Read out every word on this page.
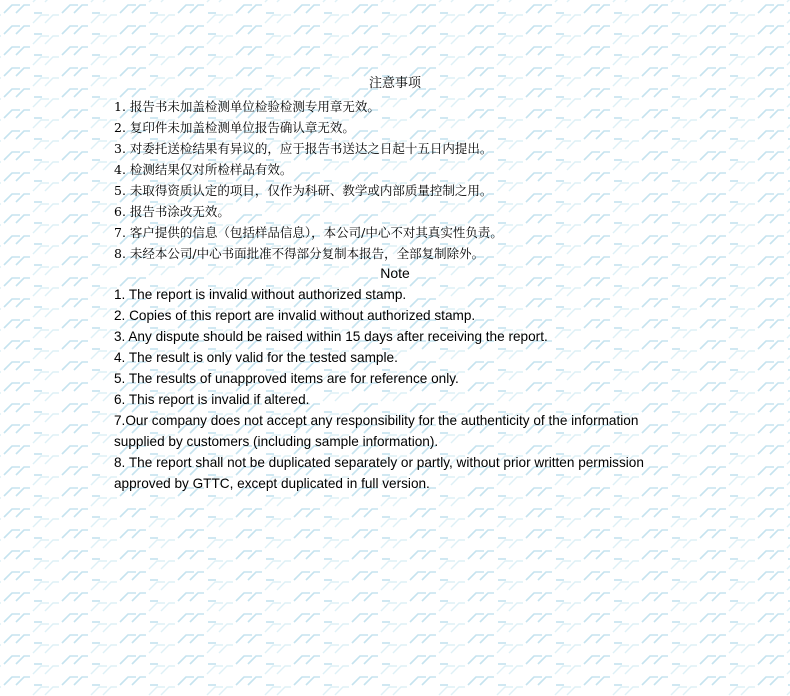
注意事项
1. 报告书未加盖检测单位检验检测专用章无效。
2. 复印件未加盖检测单位报告确认章无效。
3. 对委托送检结果有异议的，应于报告书送达之日起十五日内提出。
4. 检测结果仅对所检样品有效。
5. 未取得资质认定的项目，仅作为科研、教学或内部质量控制之用。
6. 报告书涂改无效。
7. 客户提供的信息（包括样品信息），本公司/中心不对其真实性负责。
8. 未经本公司/中心书面批准不得部分复制本报告，全部复制除外。
Note
1. The report is invalid without authorized stamp.
2. Copies of this report are invalid without authorized stamp.
3. Any dispute should be raised within 15 days after receiving the report.
4. The result is only valid for the tested sample.
5. The results of unapproved items are for reference only.
6. This report is invalid if altered.
7.Our company does not accept any responsibility for the authenticity of the information
supplied by customers (including sample information).
8. The report shall not be duplicated separately or partly, without prior written permission
approved by GTTC, except duplicated in full version.
